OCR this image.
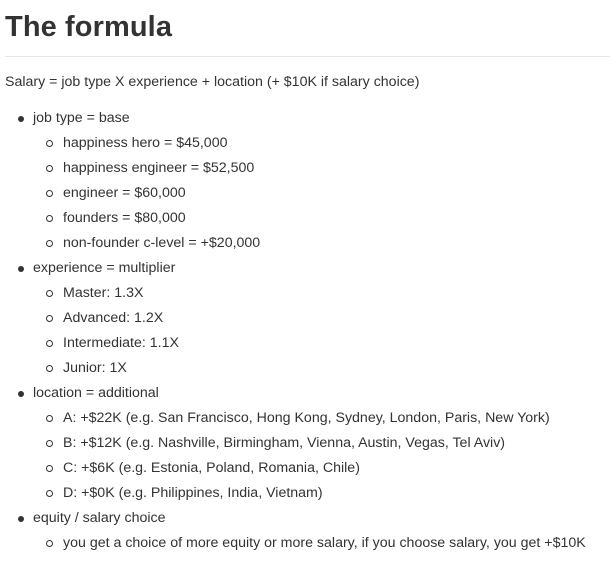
The formula

Salary = job type X experience + location (+ $10K if salary choice)

job type = base
happiness hero = $45,000
happiness engineer = $52,500
engineer = $60,000
founders = $80,000
non-founder c-level = +$20,000
experience = multiplier
Master: 1.3X
Advanced: 1.2X
Intermediate: 1.1X
Junior: 1X
location = additional
A: +$22K (e.g. San Francisco, Hong Kong, Sydney, London, Paris, New York)
B: +$12K (e.g. Nashville, Birmingham, Vienna, Austin, Vegas, Tel Aviv)
C: +$6K (e.g. Estonia, Poland, Romania, Chile)
D: +$0K (e.g. Philippines, India, Vietnam)
equity / salary choice
you get a choice of more equity or more salary, if you choose salary, you get +$10K
